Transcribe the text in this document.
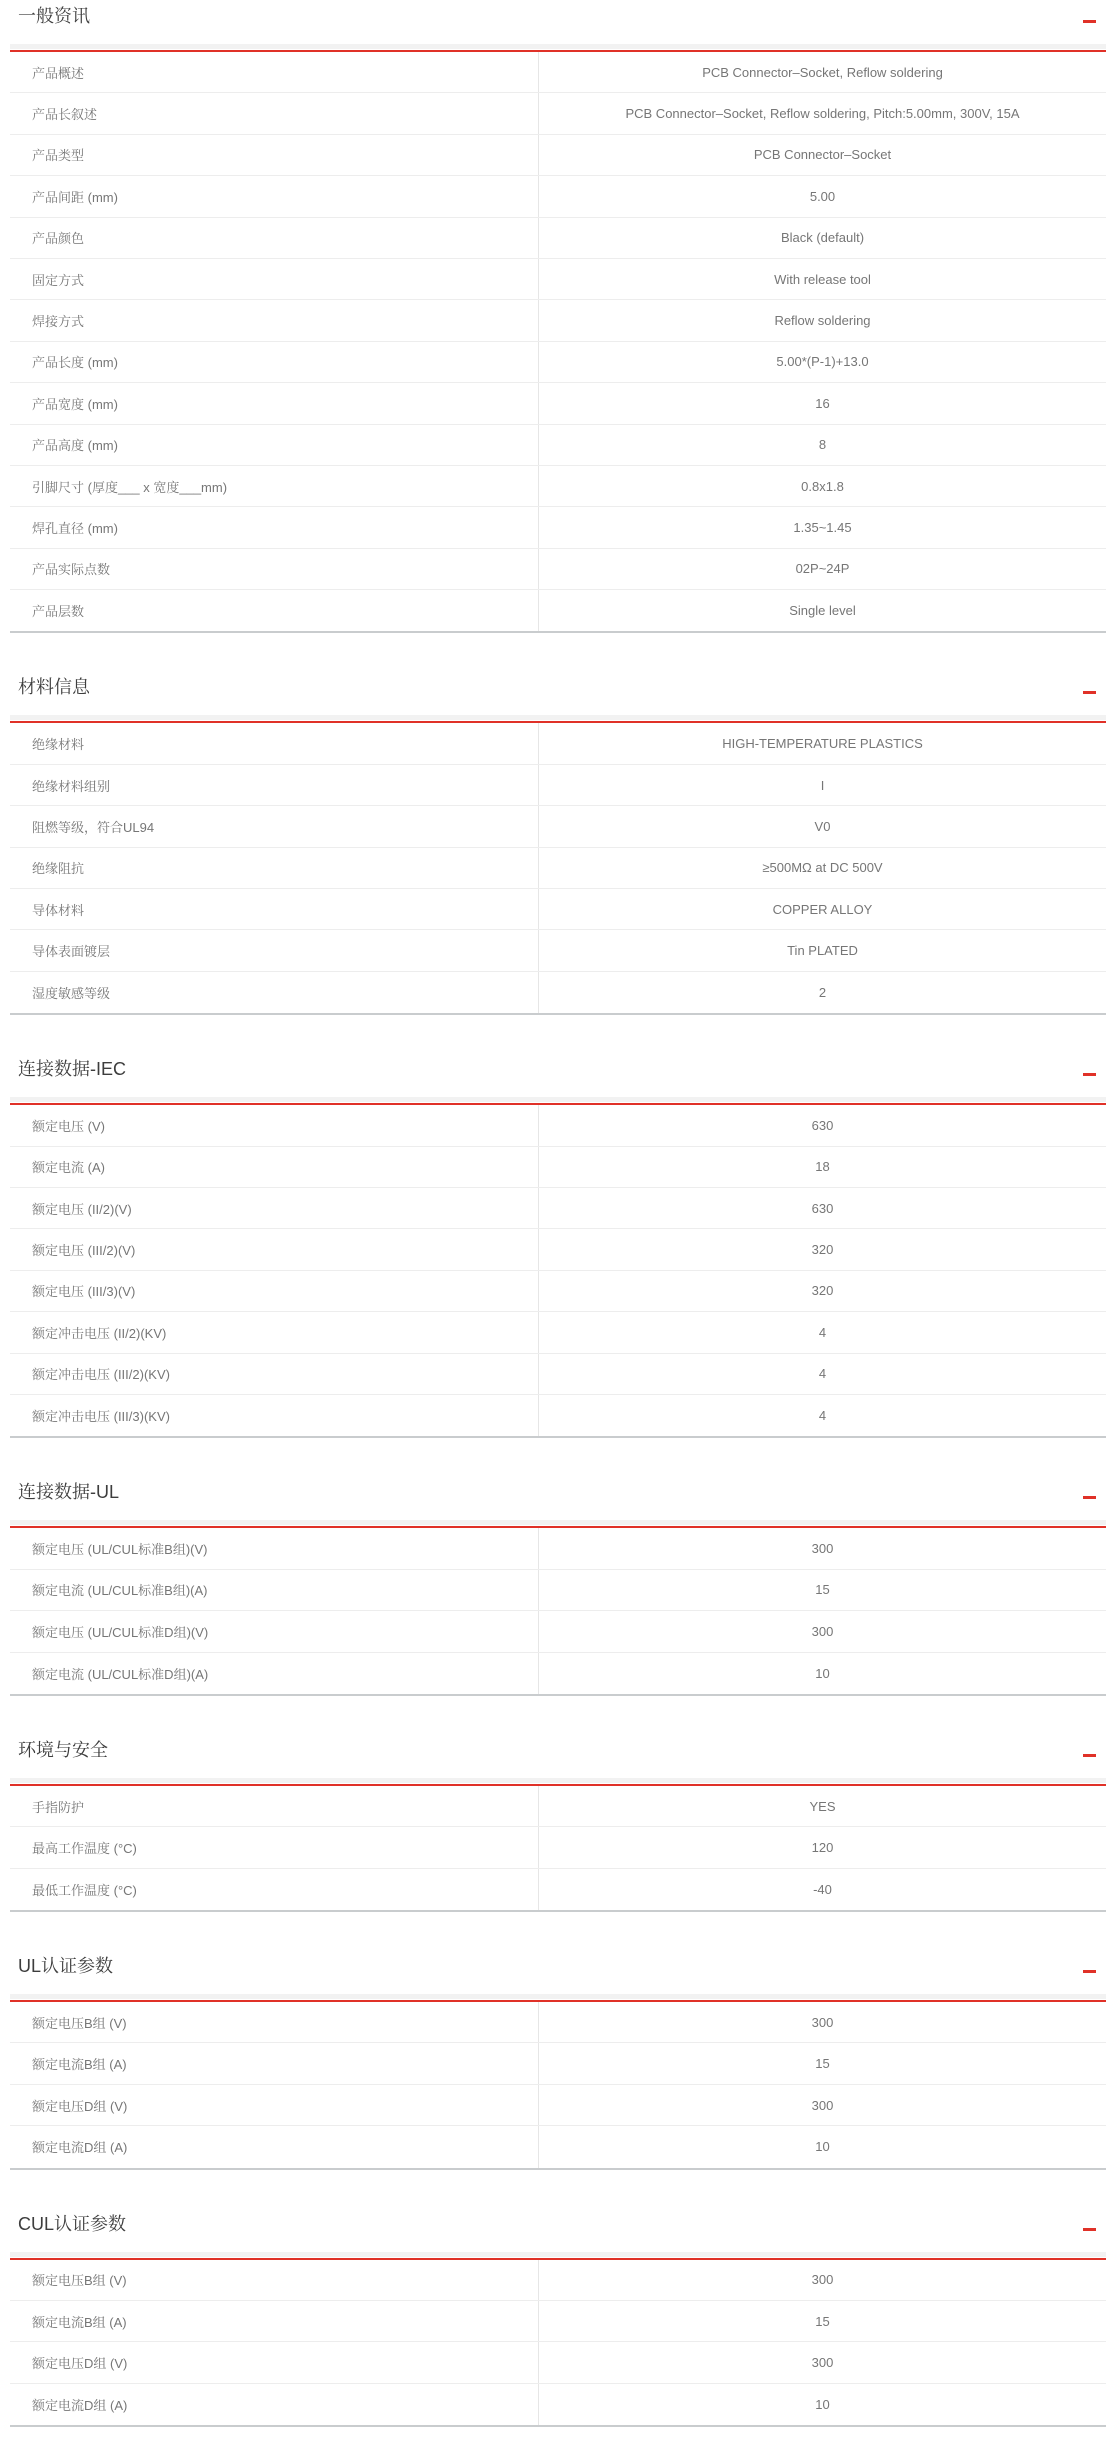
一般资讯
产品概述	PCB Connector–Socket, Reflow soldering
产品长叙述	PCB Connector–Socket, Reflow soldering, Pitch:5.00mm, 300V, 15A
产品类型	PCB Connector–Socket
产品间距 (mm)	5.00
产品颜色	Black (default)
固定方式	With release tool
焊接方式	Reflow soldering
产品长度 (mm)	5.00*(P-1)+13.0
产品宽度 (mm)	16
产品高度 (mm)	8
引脚尺寸 (厚度___ x 宽度___mm)	0.8x1.8
焊孔直径 (mm)	1.35~1.45
产品实际点数	02P~24P
产品层数	Single level
材料信息
绝缘材料	HIGH-TEMPERATURE PLASTICS
绝缘材料组别	I
阻燃等级，符合UL94	V0
绝缘阻抗	≥500MΩ at DC 500V
导体材料	COPPER ALLOY
导体表面镀层	Tin PLATED
湿度敏感等级	2
连接数据-IEC
额定电压 (V)	630
额定电流 (A)	18
额定电压 (II/2)(V)	630
额定电压 (III/2)(V)	320
额定电压 (III/3)(V)	320
额定冲击电压 (II/2)(KV)	4
额定冲击电压 (III/2)(KV)	4
额定冲击电压 (III/3)(KV)	4
连接数据-UL
额定电压 (UL/CUL标准B组)(V)	300
额定电流 (UL/CUL标准B组)(A)	15
额定电压 (UL/CUL标准D组)(V)	300
额定电流 (UL/CUL标准D组)(A)	10
环境与安全
手指防护	YES
最高工作温度 (°C)	120
最低工作温度 (°C)	-40
UL认证参数
额定电压B组 (V)	300
额定电流B组 (A)	15
额定电压D组 (V)	300
额定电流D组 (A)	10
CUL认证参数
额定电压B组 (V)	300
额定电流B组 (A)	15
额定电压D组 (V)	300
额定电流D组 (A)	10
